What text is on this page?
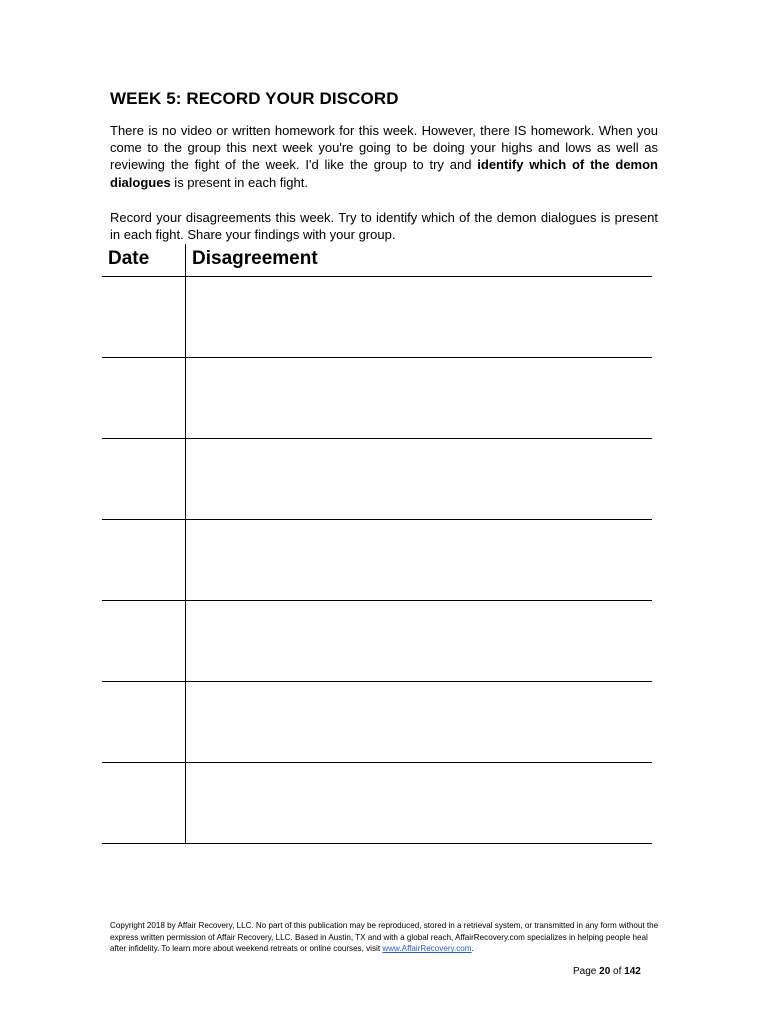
WEEK 5: RECORD YOUR DISCORD
There is no video or written homework for this week. However, there IS homework. When you come to the group this next week you're going to be doing your highs and lows as well as reviewing the fight of the week. I'd like the group to try and identify which of the demon dialogues is present in each fight.
Record your disagreements this week. Try to identify which of the demon dialogues is present in each fight. Share your findings with your group.
Date	Disagreement
Copyright 2018 by Affair Recovery, LLC. No part of this publication may be reproduced, stored in a retrieval system, or transmitted in any form without the express written permission of Affair Recovery, LLC. Based in Austin, TX and with a global reach, AffairRecovery.com specializes in helping people heal after infidelity. To learn more about weekend retreats or online courses, visit www.AffairRecovery.com.
Page 20 of 142
